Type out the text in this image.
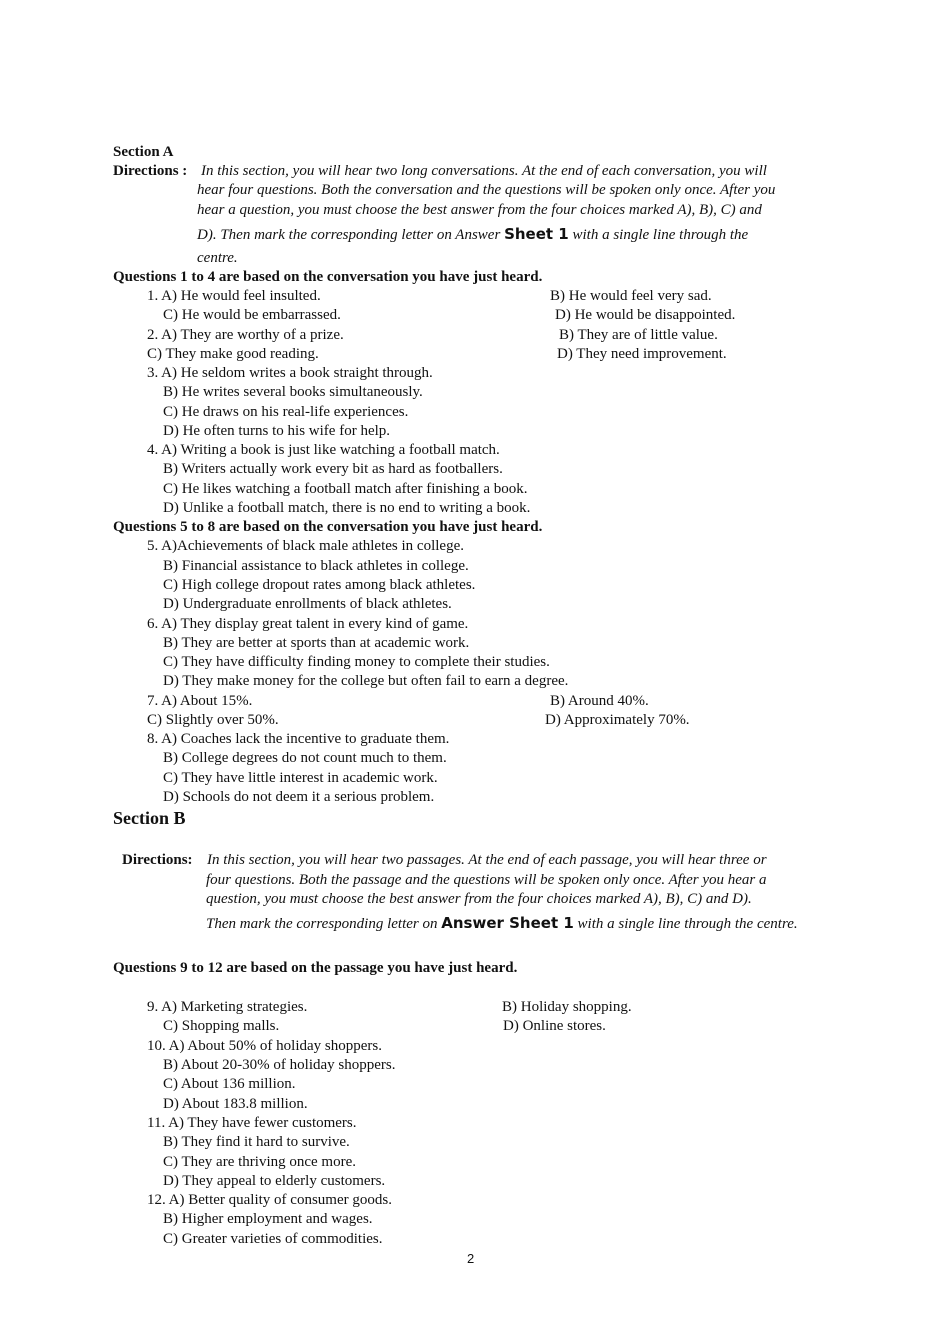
Section A
Directions : In this section, you will hear two long conversations. At the end of each conversation, you will
hear four questions. Both the conversation and the questions will be spoken only once. After you
hear a question, you must choose the best answer from the four choices marked A), B), C) and
D). Then mark the corresponding letter on Answer Sheet 1 with a single line through the
centre.
Questions 1 to 4 are based on the conversation you have just heard.
1. A) He would feel insulted.	B) He would feel very sad.
C) He would be embarrassed.	D) He would be disappointed.
2. A) They are worthy of a prize.	B) They are of little value.
C) They make good reading.	D) They need improvement.
3. A) He seldom writes a book straight through.
B) He writes several books simultaneously.
C) He draws on his real-life experiences.
D) He often turns to his wife for help.
4. A) Writing a book is just like watching a football match.
B) Writers actually work every bit as hard as footballers.
C) He likes watching a football match after finishing a book.
D) Unlike a football match, there is no end to writing a book.
Questions 5 to 8 are based on the conversation you have just heard.
5. A)Achievements of black male athletes in college.
B) Financial assistance to black athletes in college.
C) High college dropout rates among black athletes.
D) Undergraduate enrollments of black athletes.
6. A) They display great talent in every kind of game.
B) They are better at sports than at academic work.
C) They have difficulty finding money to complete their studies.
D) They make money for the college but often fail to earn a degree.
7. A) About 15%.	B) Around 40%.
C) Slightly over 50%.	D) Approximately 70%.
8. A) Coaches lack the incentive to graduate them.
B) College degrees do not count much to them.
C) They have little interest in academic work.
D) Schools do not deem it a serious problem.
Section B
Directions: In this section, you will hear two passages. At the end of each passage, you will hear three or
four questions. Both the passage and the questions will be spoken only once. After you hear a
question, you must choose the best answer from the four choices marked A), B), C) and D).
Then mark the corresponding letter on Answer Sheet 1 with a single line through the centre.
Questions 9 to 12 are based on the passage you have just heard.
9. A) Marketing strategies.	B) Holiday shopping.
C) Shopping malls.	D) Online stores.
10. A) About 50% of holiday shoppers.
B) About 20-30% of holiday shoppers.
C) About 136 million.
D) About 183.8 million.
11. A) They have fewer customers.
B) They find it hard to survive.
C) They are thriving once more.
D) They appeal to elderly customers.
12. A) Better quality of consumer goods.
B) Higher employment and wages.
C) Greater varieties of commodities.
2
